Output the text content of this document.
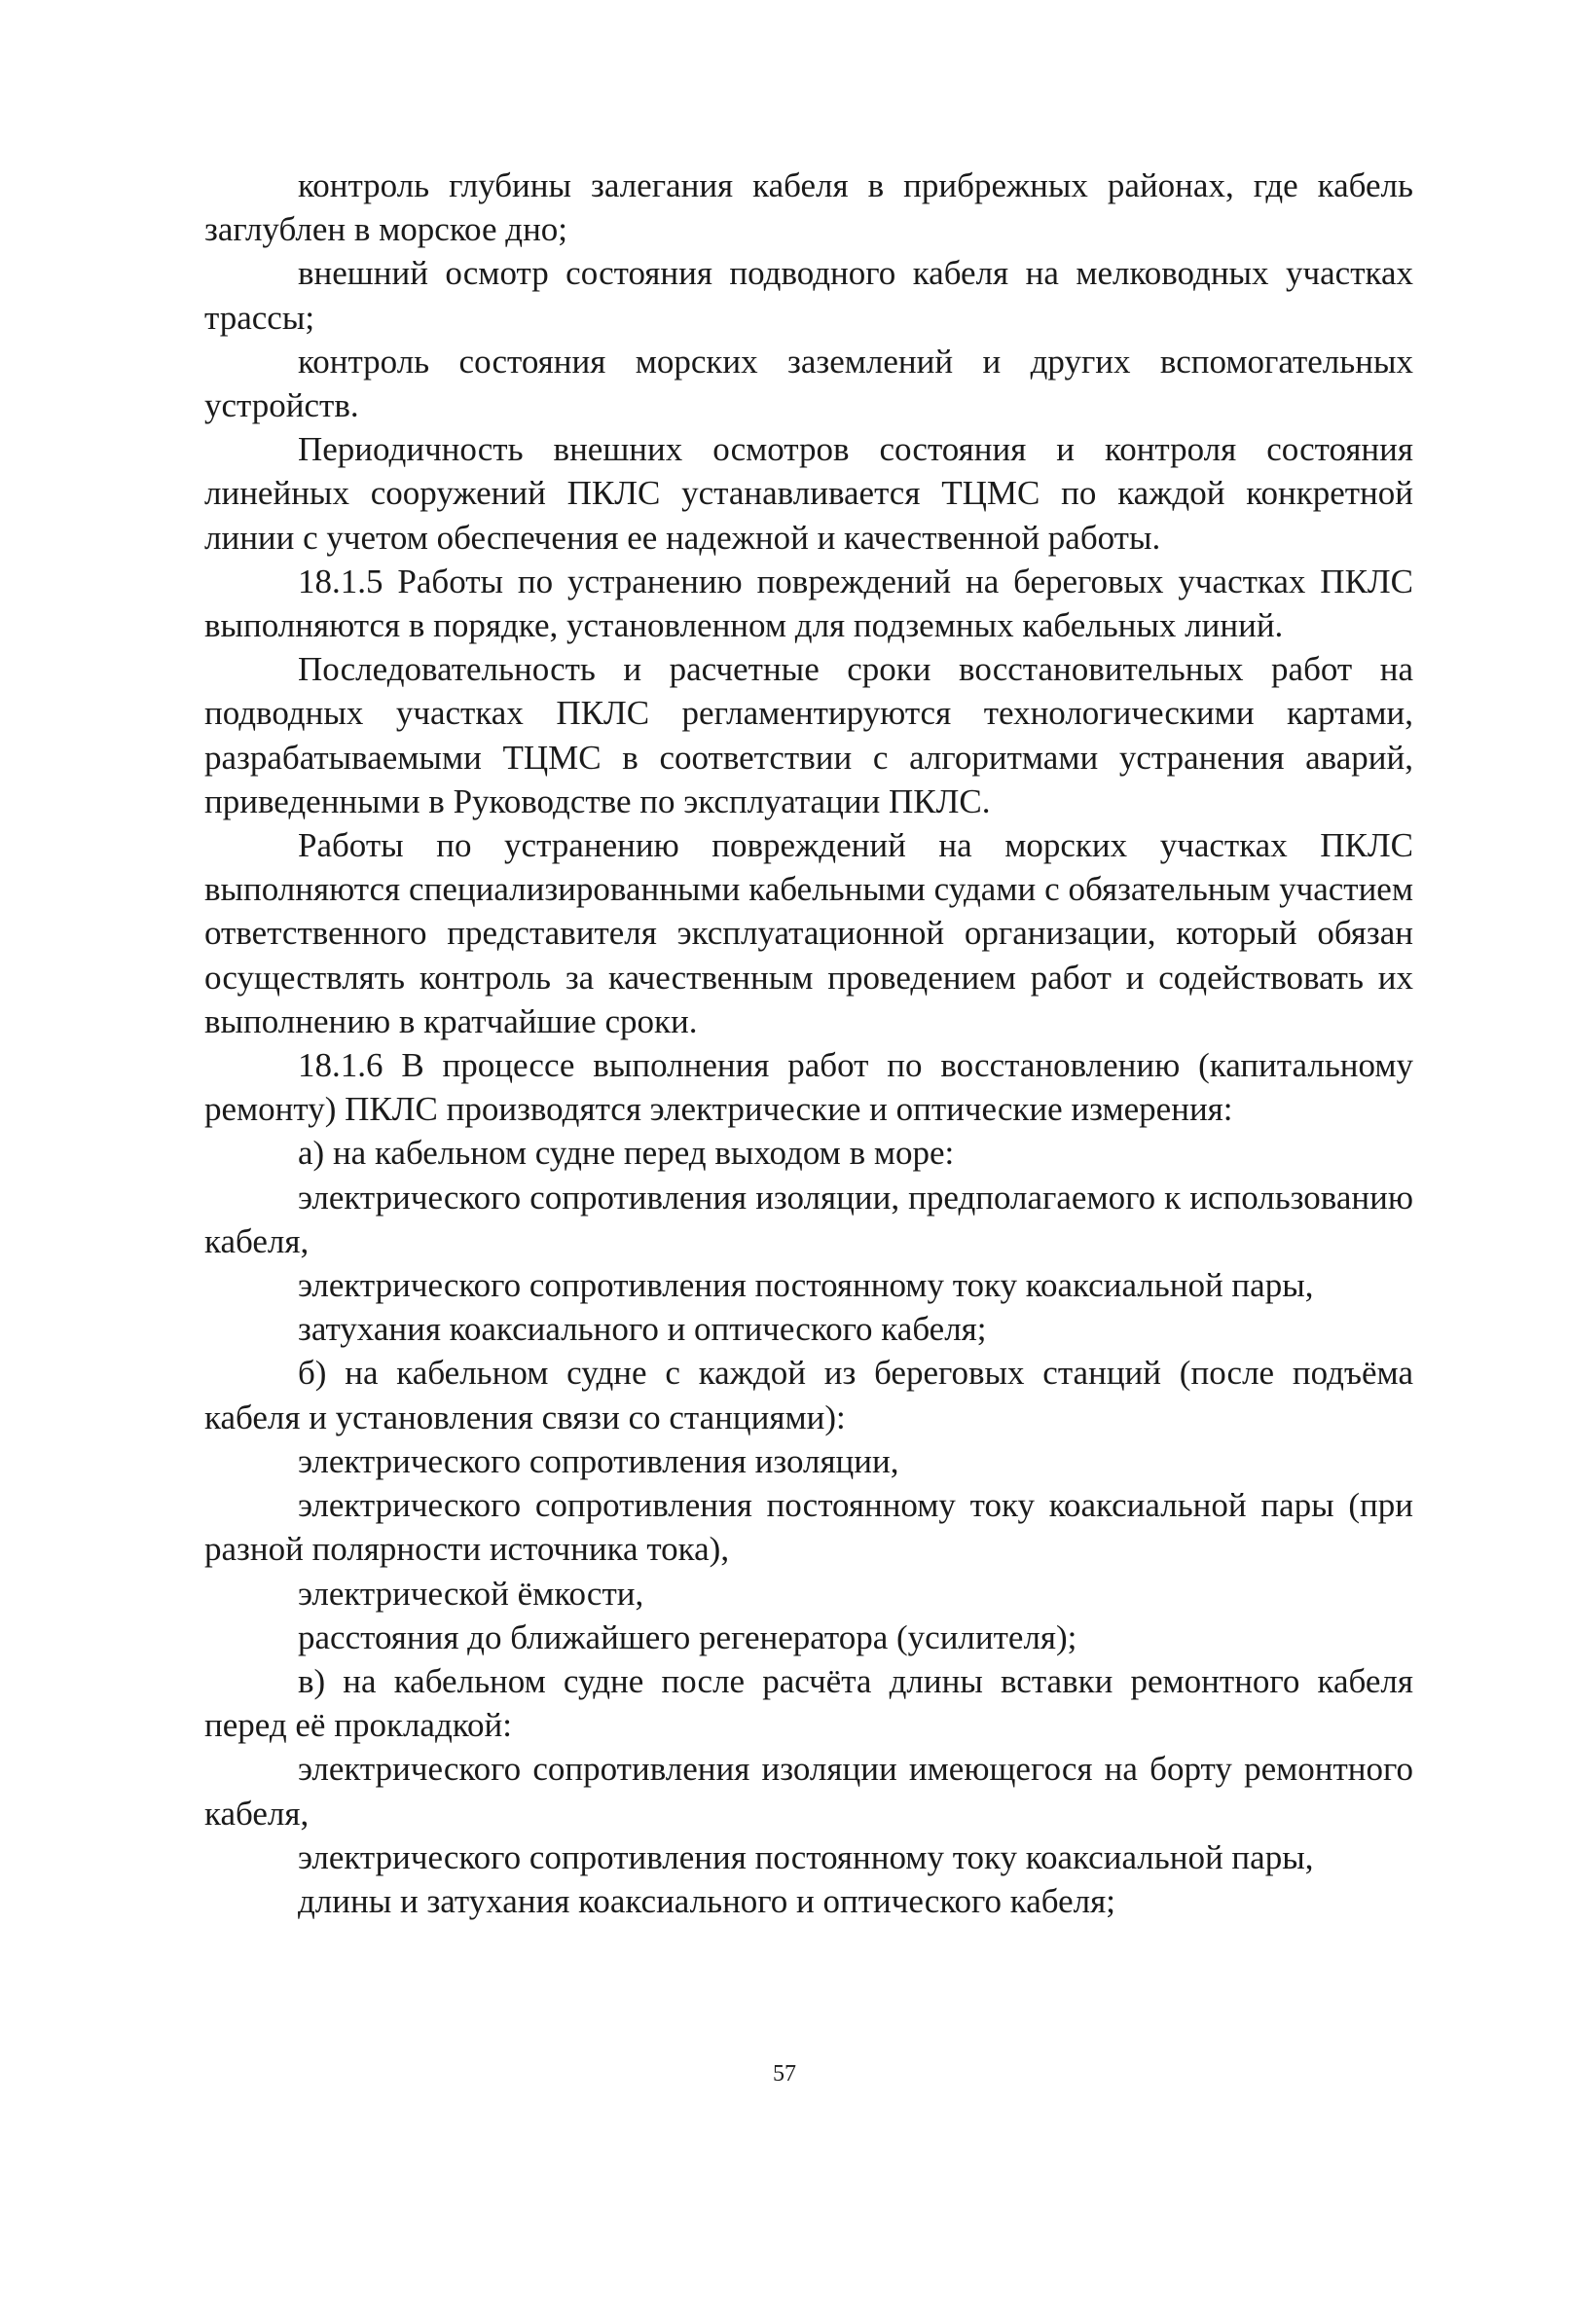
контроль глубины залегания кабеля в прибрежных районах, где кабель заглублен в морское дно;

внешний осмотр состояния подводного кабеля на мелководных участках трассы;

контроль состояния морских заземлений и других вспомогательных устройств.

Периодичность внешних осмотров состояния и контроля состояния линейных сооружений ПКЛС устанавливается ТЦМС по каждой конкретной линии с учетом обеспечения ее надежной и качественной работы.

18.1.5 Работы по устранению повреждений на береговых участках ПКЛС выполняются в порядке, установленном для подземных кабельных линий.

Последовательность и расчетные сроки восстановительных работ на подводных участках ПКЛС регламентируются технологическими картами, разрабатываемыми ТЦМС в соответствии с алгоритмами устранения аварий, приведенными в Руководстве по эксплуатации ПКЛС.

Работы по устранению повреждений на морских участках ПКЛС выполняются специализированными кабельными судами с обязательным участием ответственного представителя эксплуатационной организации, который обязан осуществлять контроль за качественным проведением работ и содействовать их выполнению в кратчайшие сроки.

18.1.6 В процессе выполнения работ по восстановлению (капитальному ремонту) ПКЛС производятся электрические и оптические измерения:

а) на кабельном судне перед выходом в море:

электрического сопротивления изоляции, предполагаемого к использованию кабеля,

электрического сопротивления постоянному току коаксиальной пары,

затухания коаксиального и оптического кабеля;

б) на кабельном судне с каждой из береговых станций (после подъёма кабеля и установления связи со станциями):

электрического сопротивления изоляции,

электрического сопротивления постоянному току коаксиальной пары (при разной полярности источника тока),

электрической ёмкости,

расстояния до ближайшего регенератора (усилителя);

в) на кабельном судне после расчёта длины вставки ремонтного кабеля перед её прокладкой:

электрического сопротивления изоляции имеющегося на борту ремонтного кабеля,

электрического сопротивления постоянному току коаксиальной пары,

длины и затухания коаксиального и оптического кабеля;

57
